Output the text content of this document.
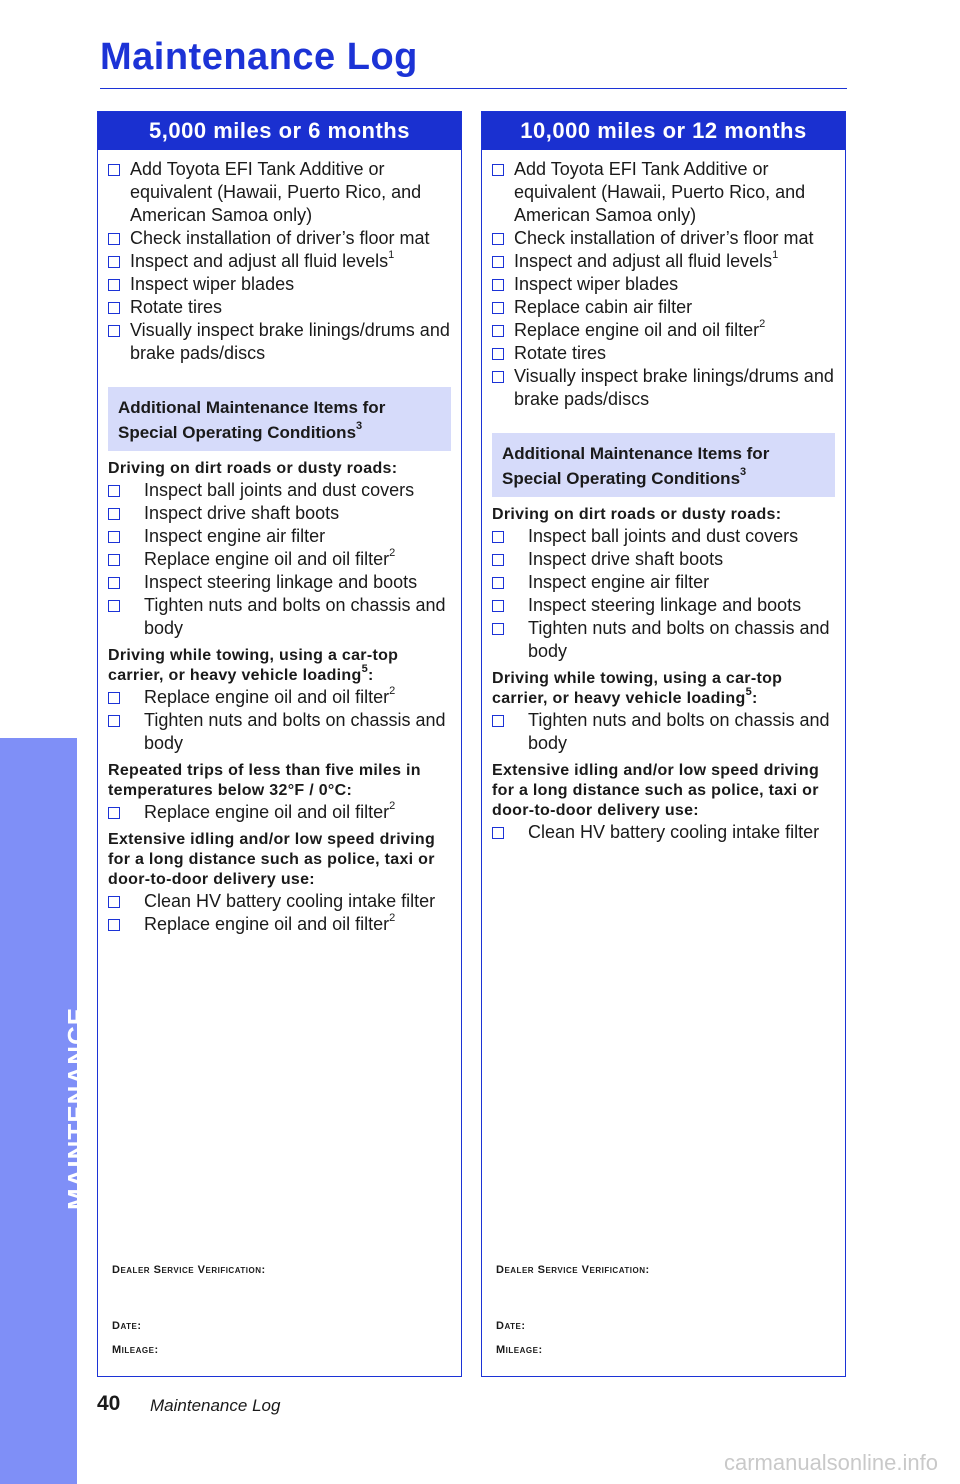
MAINTENANCE
Maintenance Log
5,000 miles or 6 months
Add Toyota EFI Tank Additive or equivalent (Hawaii, Puerto Rico, and American Samoa only)
Check installation of driver’s floor mat
Inspect and adjust all fluid levels$^1$
Inspect wiper blades
Rotate tires
Visually inspect brake linings/drums and brake pads/discs
Additional Maintenance Items for
Special Operating Conditions$^3$
Driving on dirt roads or dusty roads:
Inspect ball joints and dust covers
Inspect drive shaft boots
Inspect engine air filter
Replace engine oil and oil filter$^2$
Inspect steering linkage and boots
Tighten nuts and bolts on chassis and body
Driving while towing, using a car-top carrier, or heavy vehicle loading$^5$:
Replace engine oil and oil filter$^2$
Tighten nuts and bolts on chassis and body
Repeated trips of less than five miles in temperatures below 32°F / 0°C:
Replace engine oil and oil filter$^2$
Extensive idling and/or low speed driving for a long distance such as police, taxi or door-to-door delivery use:
Clean HV battery cooling intake filter
Replace engine oil and oil filter$^2$
Dealer Service Verification:
Date:
Mileage:
10,000 miles or 12 months
Add Toyota EFI Tank Additive or equivalent (Hawaii, Puerto Rico, and American Samoa only)
Check installation of driver’s floor mat
Inspect and adjust all fluid levels$^1$
Inspect wiper blades
Replace cabin air filter
Replace engine oil and oil filter$^2$
Rotate tires
Visually inspect brake linings/drums and brake pads/discs
Additional Maintenance Items for
Special Operating Conditions$^3$
Driving on dirt roads or dusty roads:
Inspect ball joints and dust covers
Inspect drive shaft boots
Inspect engine air filter
Inspect steering linkage and boots
Tighten nuts and bolts on chassis and body
Driving while towing, using a car-top carrier, or heavy vehicle loading$^5$:
Tighten nuts and bolts on chassis and body
Extensive idling and/or low speed driving for a long distance such as police, taxi or door-to-door delivery use:
Clean HV battery cooling intake filter
Dealer Service Verification:
Date:
Mileage:
40 Maintenance Log
carmanualsonline.info
